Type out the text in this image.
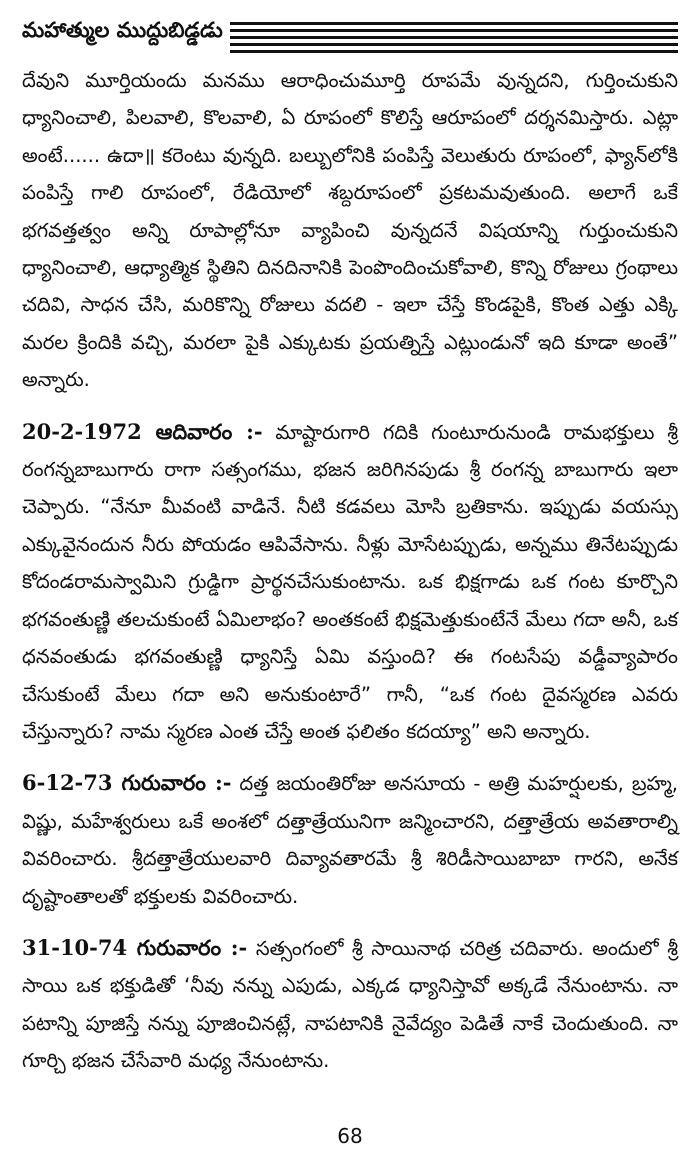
మహాత్ముల ముద్దుబిడ్డడు

దేవుని మూర్తియందు మనము ఆరాధించుమూర్తి రూపమే వున్నదని, గుర్తించుకుని ధ్యానించాలి, పిలవాలి, కొలవాలి, ఏ రూపంలో కొలిస్తే ఆరూపంలో దర్శనమిస్తారు. ఎట్లా అంటే...... ఉదా॥ కరెంటు వున్నది. బల్బులోనికి పంపిస్తే వెలుతురు రూపంలో, ఫ్యాన్‌లోకి పంపిస్తే గాలి రూపంలో, రేడియోలో శబ్దరూపంలో ప్రకటమవుతుంది. అలాగే ఒకే భగవత్తత్వం అన్ని రూపాల్లోనూ వ్యాపించి వున్నదనే విషయాన్ని గుర్తుంచుకుని ధ్యానించాలి, ఆధ్యాత్మిక స్థితిని దినదినానికి పెంపొందించుకోవాలి, కొన్ని రోజులు గ్రంథాలు చదివి, సాధన చేసి, మరికొన్ని రోజులు వదలి - ఇలా చేస్తే కొండపైకి, కొంత ఎత్తు ఎక్కి మరల క్రిందికి వచ్చి, మరలా పైకి ఎక్కుటకు ప్రయత్నిస్తే ఎట్లుండునో ఇది కూడా అంతే” అన్నారు.

20-2-1972 ఆదివారం :- మాష్టారుగారి గదికి గుంటూరునుండి రామభక్తులు శ్రీ రంగన్నబాబుగారు రాగా సత్సంగము, భజన జరిగినపుడు శ్రీ రంగన్న బాబుగారు ఇలా చెప్పారు. “నేనూ మీవంటి వాడినే. నీటి కడవలు మోసి బ్రతికాను. ఇప్పుడు వయస్సు ఎక్కువైనందున నీరు పోయడం ఆపివేసాను. నీళ్లు మోసేటప్పుడు, అన్నము తినేటప్పుడు కోదండరామస్వామిని గ్రుడ్డిగా ప్రార్థనచేసుకుంటాను. ఒక భిక్షగాడు ఒక గంట కూర్చొని భగవంతుణ్ణి తలచుకుంటే ఏమిలాభం? అంతకంటే భిక్షమెత్తుకుంటేనే మేలు గదా అనీ, ఒక ధనవంతుడు భగవంతుణ్ణి ధ్యానిస్తే ఏమి వస్తుంది? ఈ గంటసేపు వడ్డీవ్యాపారం చేసుకుంటే మేలు గదా అని అనుకుంటారే” గానీ, “ఒక గంట దైవస్మరణ ఎవరు చేస్తున్నారు? నామ స్మరణ ఎంత చేస్తే అంత ఫలితం కదయ్యా” అని అన్నారు.

6-12-73 గురువారం :- దత్త జయంతిరోజు అనసూయ - అత్రి మహర్షులకు, బ్రహ్మ, విష్ణు, మహేశ్వరులు ఒకే అంశలో దత్తాత్రేయునిగా జన్మించారని, దత్తాత్రేయ అవతారాల్ని వివరించారు. శ్రీదత్తాత్రేయులవారి దివ్యావతారమే శ్రీ శిరిడీసాయిబాబా గారని, అనేక దృష్టాంతాలతో భక్తులకు వివరించారు.

31-10-74 గురువారం :- సత్సంగంలో శ్రీ సాయినాథ చరిత్ర చదివారు. అందులో శ్రీ సాయి ఒక భక్తుడితో ‘నీవు నన్ను ఎపుడు, ఎక్కడ ధ్యానిస్తావో అక్కడే నేనుంటాను. నా పటాన్ని పూజిస్తే నన్ను పూజించినట్లే, నాపటానికి నైవేద్యం పెడితే నాకే చెందుతుంది. నా గూర్చి భజన చేసేవారి మధ్య నేనుంటాను.

68
